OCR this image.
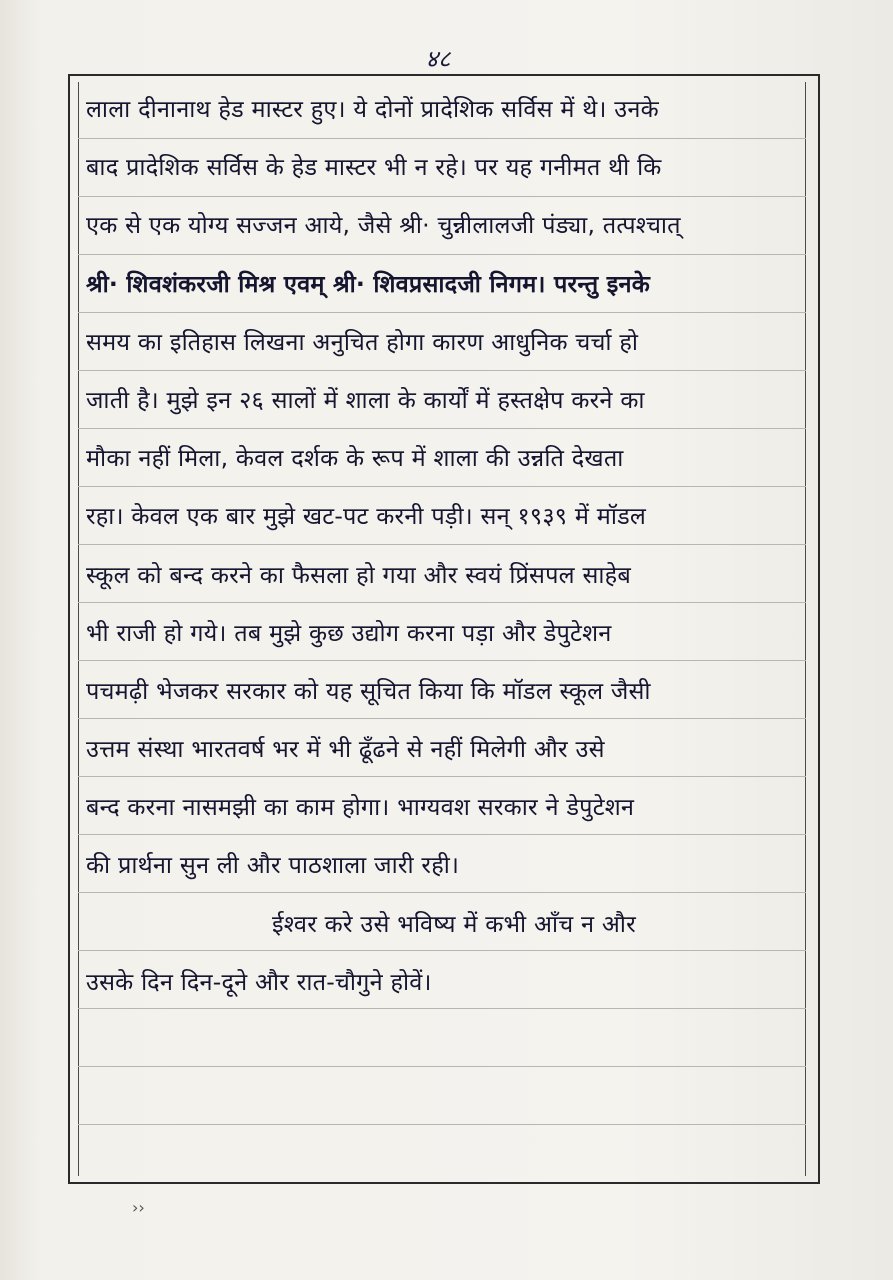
४८
लाला दीनानाथ हेड मास्टर हुए। ये दोनों प्रादेशिक सर्विस में थे। उनके
बाद प्रादेशिक सर्विस के हेड मास्टर भी न रहे। पर यह गनीमत थी कि
एक से एक योग्य सज्जन आये, जैसे श्री· चुन्नीलालजी पंड्या, तत्पश्चात्
श्री· शिवशंकरजी मिश्र एवम् श्री· शिवप्रसादजी निगम। परन्तु इनके
समय का इतिहास लिखना अनुचित होगा कारण आधुनिक चर्चा हो
जाती है। मुझे इन २६ सालों में शाला के कार्यों में हस्तक्षेप करने का
मौका नहीं मिला, केवल दर्शक के रूप में शाला की उन्नति देखता
रहा। केवल एक बार मुझे खट-पट करनी पड़ी। सन् १९३९ में मॉडल
स्कूल को बन्द करने का फैसला हो गया और स्वयं प्रिंसपल साहेब
भी राजी हो गये। तब मुझे कुछ उद्योग करना पड़ा और डेपुटेशन
पचमढ़ी भेजकर सरकार को यह सूचित किया कि मॉडल स्कूल जैसी
उत्तम संस्था भारतवर्ष भर में भी ढूँढने से नहीं मिलेगी और उसे
बन्द करना नासमझी का काम होगा। भाग्यवश सरकार ने डेपुटेशन
की प्रार्थना सुन ली और पाठशाला जारी रही।
ईश्वर करे उसे भविष्य में कभी आँच न और
उसके दिन दिन-दूने और रात-चौगुने होवें।
››
